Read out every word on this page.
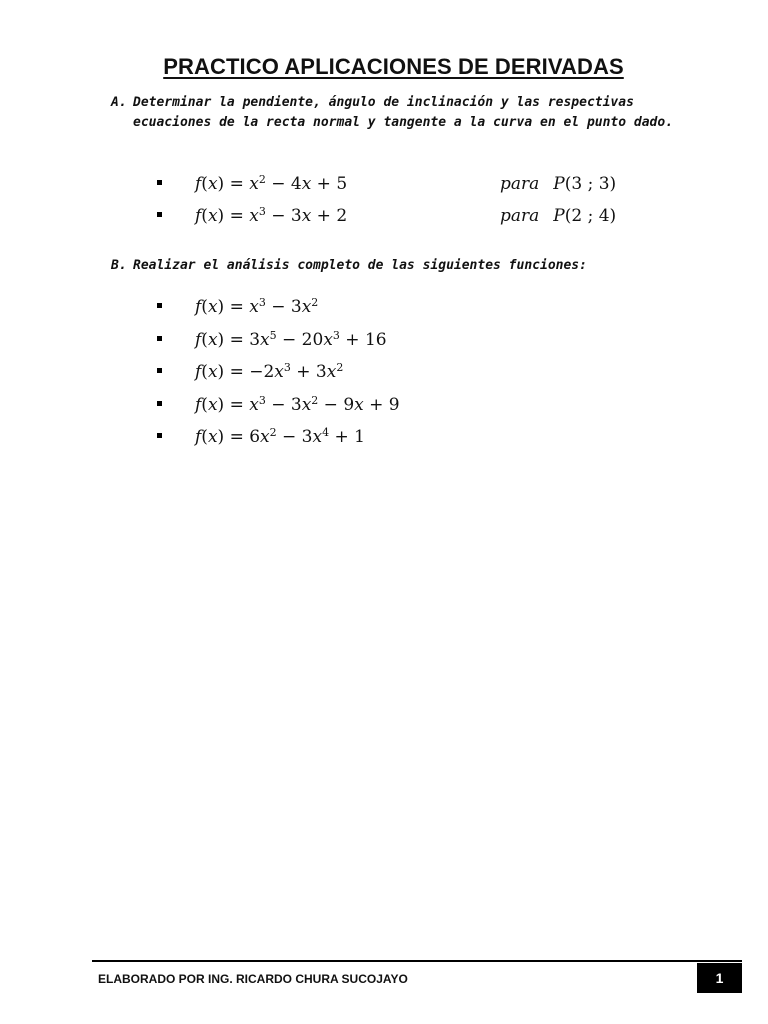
PRACTICO APLICACIONES DE DERIVADAS
A. Determinar la pendiente, ángulo de inclinación y las respectivas ecuaciones de la recta normal y tangente a la curva en el punto dado.
$f(x) = x^2 - 4x + 5$	para P(3 ; 3)
$f(x) = x^3 - 3x + 2$	para P(2 ; 4)
B. Realizar el análisis completo de las siguientes funciones:
$f(x) = x^3 - 3x^2$
$f(x) = 3x^5 - 20x^3 + 16$
$f(x) = -2x^3 + 3x^2$
$f(x) = x^3 - 3x^2 - 9x + 9$
$f(x) = 6x^2 - 3x^4 + 1$
ELABORADO POR ING. RICARDO CHURA SUCOJAYO	1
